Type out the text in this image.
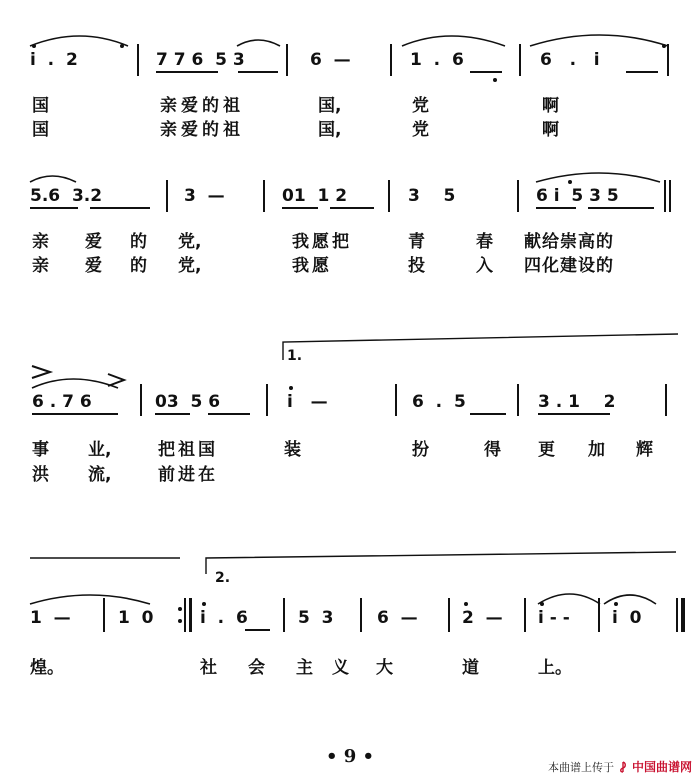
i  .  2	7 7 6  5 3	6  —	1  .  6	6   .   i
国	亲爱的祖	国,	党	啊
国	亲爱的祖	国,	党	啊
5.6  3.2	3  —	01  1 2	3    5	6 i  5 3 5
亲 爱 的 党,	我愿把	青	春 献给崇高的
亲 爱 的 党,	我愿	投	入 四化建设的
1.
6 . 7 6	03  5 6	i   —	6  .  5	3 . 1    2
事 业,	把祖国	装	扮	得 更 加 辉
洪 流,	前进在
2.
1  —	1  0	i  .  6	5  3	6  —	2  — i - - i  0
煌。	社 会 主 义 大	道	上。
• 9 •	本曲谱上传于 中国曲谱网
